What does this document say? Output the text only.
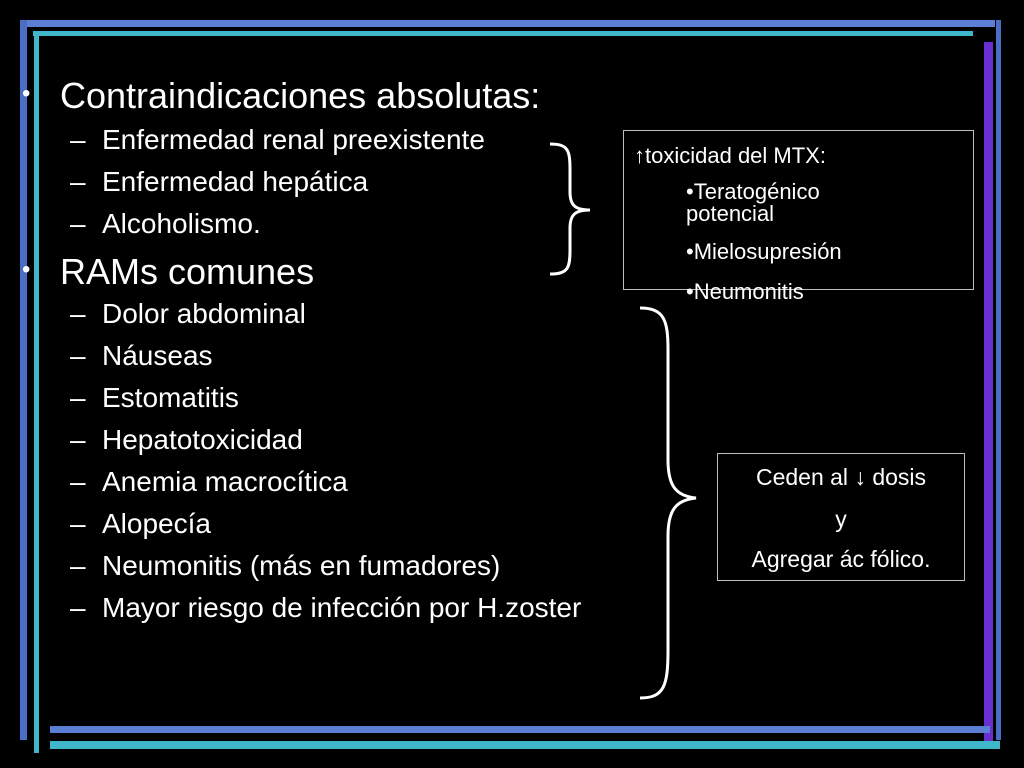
• Contraindicaciones absolutas:
– Enfermedad renal preexistente
– Enfermedad hepática
– Alcoholismo.
• RAMs comunes
– Dolor abdominal
– Náuseas
– Estomatitis
– Hepatotoxicidad
– Anemia macrocítica
– Alopecía
– Neumonitis (más en fumadores)
– Mayor riesgo de infección por H.zoster
↑toxicidad del MTX:
•Teratogénico potencial
•Mielosupresión
•Neumonitis
Ceden al ↓ dosis
y
Agregar ác fólico.
